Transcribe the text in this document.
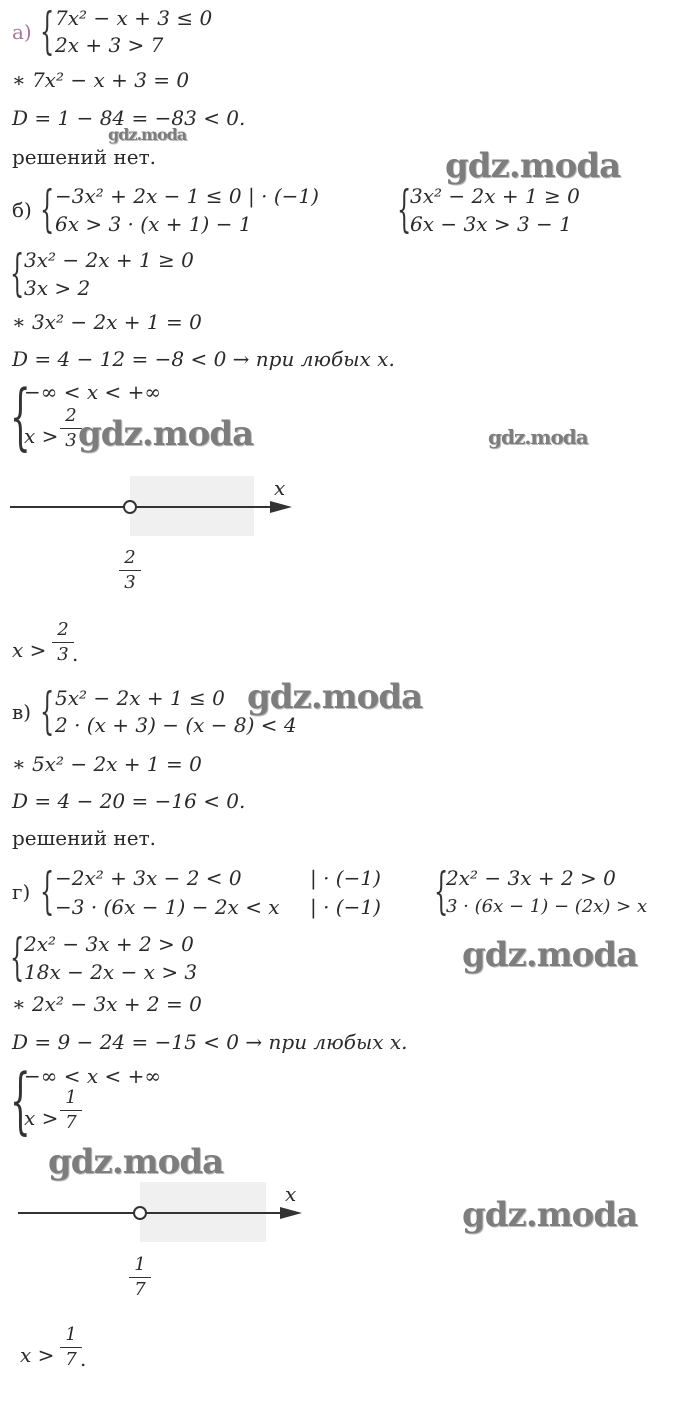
а) { 7x² − x + 3 ≤ 0
2x + 3 > 7
∗ 7x² − x + 3 = 0
D = 1 − 84 = −83 < 0.
решений нет.
б) { −3x² + 2x − 1 ≤ 0 | · (−1)
6x > 3 · (x + 1) − 1	{
3x² − 2x + 1 ≥ 0
6x − 3x > 3 − 1
{ 3x² − 2x + 1 ≥ 0
3x > 2
∗ 3x² − 2x + 1 = 0
D = 4 − 12 = −8 < 0 → при любых x.
{
−∞ < x < +∞
x >
2
3
x
2
3
x >
2
3 .
в) { 5x² − 2x + 1 ≤ 0
2 · (x + 3) − (x − 8) < 4
∗ 5x² − 2x + 1 = 0
D = 4 − 20 = −16 < 0.
решений нет.
г) { −2x² + 3x − 2 < 0	| · (−1)
−3 · (6x − 1) − 2x < x | · (−1) {
2x² − 3x + 2 > 0
3 · (6x − 1) − (2x) > x
{ 2x² − 3x + 2 > 0
18x − 2x − x > 3
∗ 2x² − 3x + 2 = 0
D = 9 − 24 = −15 < 0 → при любых x.
{
−∞ < x < +∞
x >
1
7
x
1
7
x >
1
7 .
gdz.moda
gdz.moda
gdz.moda	gdz.moda
gdz.moda
gdz.moda
gdz.moda
gdz.moda
